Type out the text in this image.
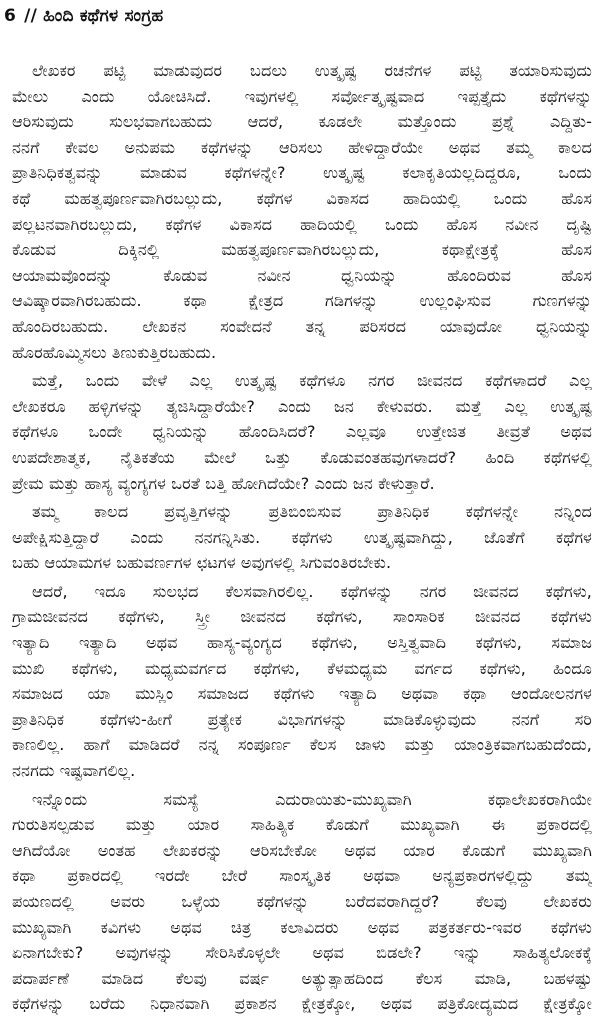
6 // ಹಿಂದಿ ಕಥೆಗಳ ಸಂಗ್ರಹ
ಲೇಖಕರ ಪಟ್ಟಿ ಮಾಡುವುದರ ಬದಲು ಉತ್ಕೃಷ್ಟ ರಚನೆಗಳ ಪಟ್ಟಿ ತಯಾರಿಸುವುದು
ಮೇಲು ಎಂದು ಯೋಚಿಸಿದೆ. ಇವುಗಳಲ್ಲಿ ಸರ್ವೋತ್ಕೃಷ್ಟವಾದ ಇಪ್ಪತ್ತೈದು ಕಥೆಗಳನ್ನು
ಆರಿಸುವುದು ಸುಲಭವಾಗಬಹುದು ಆದರೆ, ಕೂಡಲೇ ಮತ್ತೊಂದು ಪ್ರಶ್ನೆ ಎದ್ದಿತು-
ನನಗೆ ಕೇವಲ ಅನುಪಮ ಕಥೆಗಳನ್ನು ಆರಿಸಲು ಹೇಳಿದ್ದಾರೆಯೇ ಅಥವ ತಮ್ಮ ಕಾಲದ
ಪ್ರಾತಿನಿಧಿಕತ್ವವನ್ನು ಮಾಡುವ ಕಥೆಗಳನ್ನೇ? ಉತ್ಕೃಷ್ಟ ಕಲಾಕೃತಿಯಲ್ಲದಿದ್ದರೂ, ಒಂದು
ಕಥೆ ಮಹತ್ವಪೂರ್ಣವಾಗಿರಬಲ್ಲುದು, ಕಥೆಗಳ ವಿಕಾಸದ ಹಾದಿಯಲ್ಲಿ ಒಂದು ಹೊಸ
ಪಲ್ಲಟನವಾಗಿರಬಲ್ಲುದು, ಕಥೆಗಳ ವಿಕಾಸದ ಹಾದಿಯಲ್ಲಿ ಒಂದು ಹೊಸ ನವೀನ ದೃಷ್ಟಿ
ಕೊಡುವ ದಿಕ್ಕಿನಲ್ಲಿ ಮಹತ್ವಪೂರ್ಣವಾಗಿರಬಲ್ಲುದು, ಕಥಾಕ್ಷೇತ್ರಕ್ಕೆ ಹೊಸ
ಆಯಾಮವೊಂದನ್ನು ಕೊಡುವ ನವೀನ ಧ್ವನಿಯನ್ನು ಹೊಂದಿರುವ ಹೊಸ
ಆವಿಷ್ಕಾರವಾಗಿರಬಹುದು. ಕಥಾ ಕ್ಷೇತ್ರದ ಗಡಿಗಳನ್ನು ಉಲ್ಲಂಘಿಸುವ ಗುಣಗಳನ್ನು
ಹೊಂದಿರಬಹುದು. ಲೇಖಕನ ಸಂವೇದನೆ ತನ್ನ ಪರಿಸರದ ಯಾವುದೋ ಧ್ವನಿಯನ್ನು
ಹೊರಹೊಮ್ಮಿಸಲು ತಿಣುಕುತ್ತಿರಬಹುದು.
ಮತ್ತೆ, ಒಂದು ವೇಳೆ ಎಲ್ಲ ಉತ್ಕೃಷ್ಟ ಕಥೆಗಳೂ ನಗರ ಜೀವನದ ಕಥೆಗಳಾದರೆ ಎಲ್ಲ
ಲೇಖಕರೂ ಹಳ್ಳಿಗಳನ್ನು ತ್ಯಜಿಸಿದ್ದಾರೆಯೇ? ಎಂದು ಜನ ಕೇಳುವರು. ಮತ್ತೆ ಎಲ್ಲ ಉತ್ಕೃಷ್ಟ
ಕಥೆಗಳೂ ಒಂದೇ ಧ್ವನಿಯನ್ನು ಹೊಂದಿಸಿದರೆ? ಎಲ್ಲವೂ ಉತ್ತೇಜಿತ ತೀವ್ರತೆ ಅಥವ
ಉಪದೇಶಾತ್ಮಕ, ನೈತಿಕತೆಯ ಮೇಲೆ ಒತ್ತು ಕೊಡುವಂತಹವುಗಳಾದರೆ? ಹಿಂದಿ ಕಥೆಗಳಲ್ಲಿ
ಪ್ರೇಮ ಮತ್ತು ಹಾಸ್ಯ ವ್ಯಂಗ್ಯಗಳ ಒರತೆ ಬತ್ತಿ ಹೋಗಿದೆಯೇ? ಎಂದು ಜನ ಕೇಳುತ್ತಾರೆ.
ತಮ್ಮ ಕಾಲದ ಪ್ರವೃತ್ತಿಗಳನ್ನು ಪ್ರತಿಬಿಂಬಿಸುವ ಪ್ರಾತಿನಿಧಿಕ ಕಥೆಗಳನ್ನೇ ನನ್ನಿಂದ
ಅಪೇಕ್ಷಿಸುತ್ತಿದ್ದಾರೆ ಎಂದು ನನಗನ್ನಿಸಿತು. ಕಥೆಗಳು ಉತ್ಕೃಷ್ಟವಾಗಿದ್ದು, ಜೊತೆಗೆ ಕಥೆಗಳ
ಬಹು ಆಯಾಮಗಳ ಬಹುವರ್ಣಗಳ ಛಟಗಳ ಅವುಗಳಲ್ಲಿ ಸಿಗುವಂತಿರಬೇಕು.
ಆದರೆ, ಇದೂ ಸುಲಭದ ಕೆಲಸವಾಗಿರಲಿಲ್ಲ. ಕಥೆಗಳನ್ನು ನಗರ ಜೀವನದ ಕಥೆಗಳು,
ಗ್ರಾಮಜೀವನದ ಕಥೆಗಳು, ಸ್ತ್ರೀ ಜೀವನದ ಕಥೆಗಳು, ಸಾಂಸಾರಿಕ ಜೀವನದ ಕಥೆಗಳು
ಇತ್ಯಾದಿ ಇತ್ಯಾದಿ ಅಥವ ಹಾಸ್ಯ-ವ್ಯಂಗ್ಯದ ಕಥೆಗಳು, ಅಸ್ತಿತ್ವವಾದಿ ಕಥೆಗಳು, ಸಮಾಜ
ಮುಖಿ ಕಥೆಗಳು, ಮಧ್ಯಮವರ್ಗದ ಕಥೆಗಳು, ಕೆಳಮಧ್ಯಮ ವರ್ಗದ ಕಥೆಗಳು, ಹಿಂದೂ
ಸಮಾಜದ ಯಾ ಮುಸ್ಲಿಂ ಸಮಾಜದ ಕಥೆಗಳು ಇತ್ಯಾದಿ ಅಥವಾ ಕಥಾ ಆಂದೋಲನಗಳ
ಪ್ರಾತಿನಿಧಿಕ ಕಥೆಗಳು-ಹೀಗೆ ಪ್ರತ್ಯೇಕ ವಿಭಾಗಗಳನ್ನು ಮಾಡಿಕೊಳ್ಳುವುದು ನನಗೆ ಸರಿ
ಕಾಣಲಿಲ್ಲ. ಹಾಗೆ ಮಾಡಿದರೆ ನನ್ನ ಸಂಪೂರ್ಣ ಕೆಲಸ ಜಾಳು ಮತ್ತು ಯಾಂತ್ರಿಕವಾಗಬಹುದೆಂದು,
ನನಗದು ಇಷ್ಟವಾಗಲಿಲ್ಲ.
ಇನ್ನೊಂದು ಸಮಸ್ಯೆ ಎದುರಾಯಿತು-ಮುಖ್ಯವಾಗಿ ಕಥಾಲೇಖಕರಾಗಿಯೇ
ಗುರುತಿಸಲ್ಪಡುವ ಮತ್ತು ಯಾರ ಸಾಹಿತ್ಯಿಕ ಕೊಡುಗೆ ಮುಖ್ಯವಾಗಿ ಈ ಪ್ರಕಾರದಲ್ಲಿ
ಆಗಿದೆಯೋ ಅಂತಹ ಲೇಖಕರನ್ನು ಆರಿಸಬೇಕೋ ಅಥವ ಯಾರ ಕೊಡುಗೆ ಮುಖ್ಯವಾಗಿ
ಕಥಾ ಪ್ರಕಾರದಲ್ಲಿ ಇರದೇ ಬೇರೆ ಸಾಂಸ್ಕೃತಿಕ ಅಥವಾ ಅನ್ಯಪ್ರಕಾರಗಳಲ್ಲಿದ್ದು ತಮ್ಮ
ಪಯಣದಲ್ಲಿ ಅವರು ಒಳ್ಳೆಯ ಕಥೆಗಳನ್ನು ಬರೆದವರಾಗಿದ್ದರೆ? ಕೆಲವು ಲೇಖಕರು
ಮುಖ್ಯವಾಗಿ ಕವಿಗಳು ಅಥವ ಚಿತ್ರ ಕಲಾವಿದರು ಅಥವ ಪತ್ರಕರ್ತರು-ಇವರ ಕಥೆಗಳು
ಏನಾಗಬೇಕು? ಅವುಗಳನ್ನು ಸೇರಿಸಿಕೊಳ್ಳಲೇ ಅಥವ ಬಿಡಲೇ? ಇನ್ನು ಸಾಹಿತ್ಯಲೋಕಕ್ಕೆ
ಪದಾರ್ಪಣೆ ಮಾಡಿದ ಕೆಲವು ವರ್ಷ ಅತ್ಯುತ್ಸಾಹದಿಂದ ಕೆಲಸ ಮಾಡಿ, ಬಹಳಷ್ಟು
ಕಥೆಗಳನ್ನು ಬರೆದು ನಿಧಾನವಾಗಿ ಪ್ರಕಾಶನ ಕ್ಷೇತ್ರಕ್ಕೋ, ಅಥವ ಪತ್ರಿಕೋದ್ಯಮದ ಕ್ಷೇತ್ರಕ್ಕೋ
